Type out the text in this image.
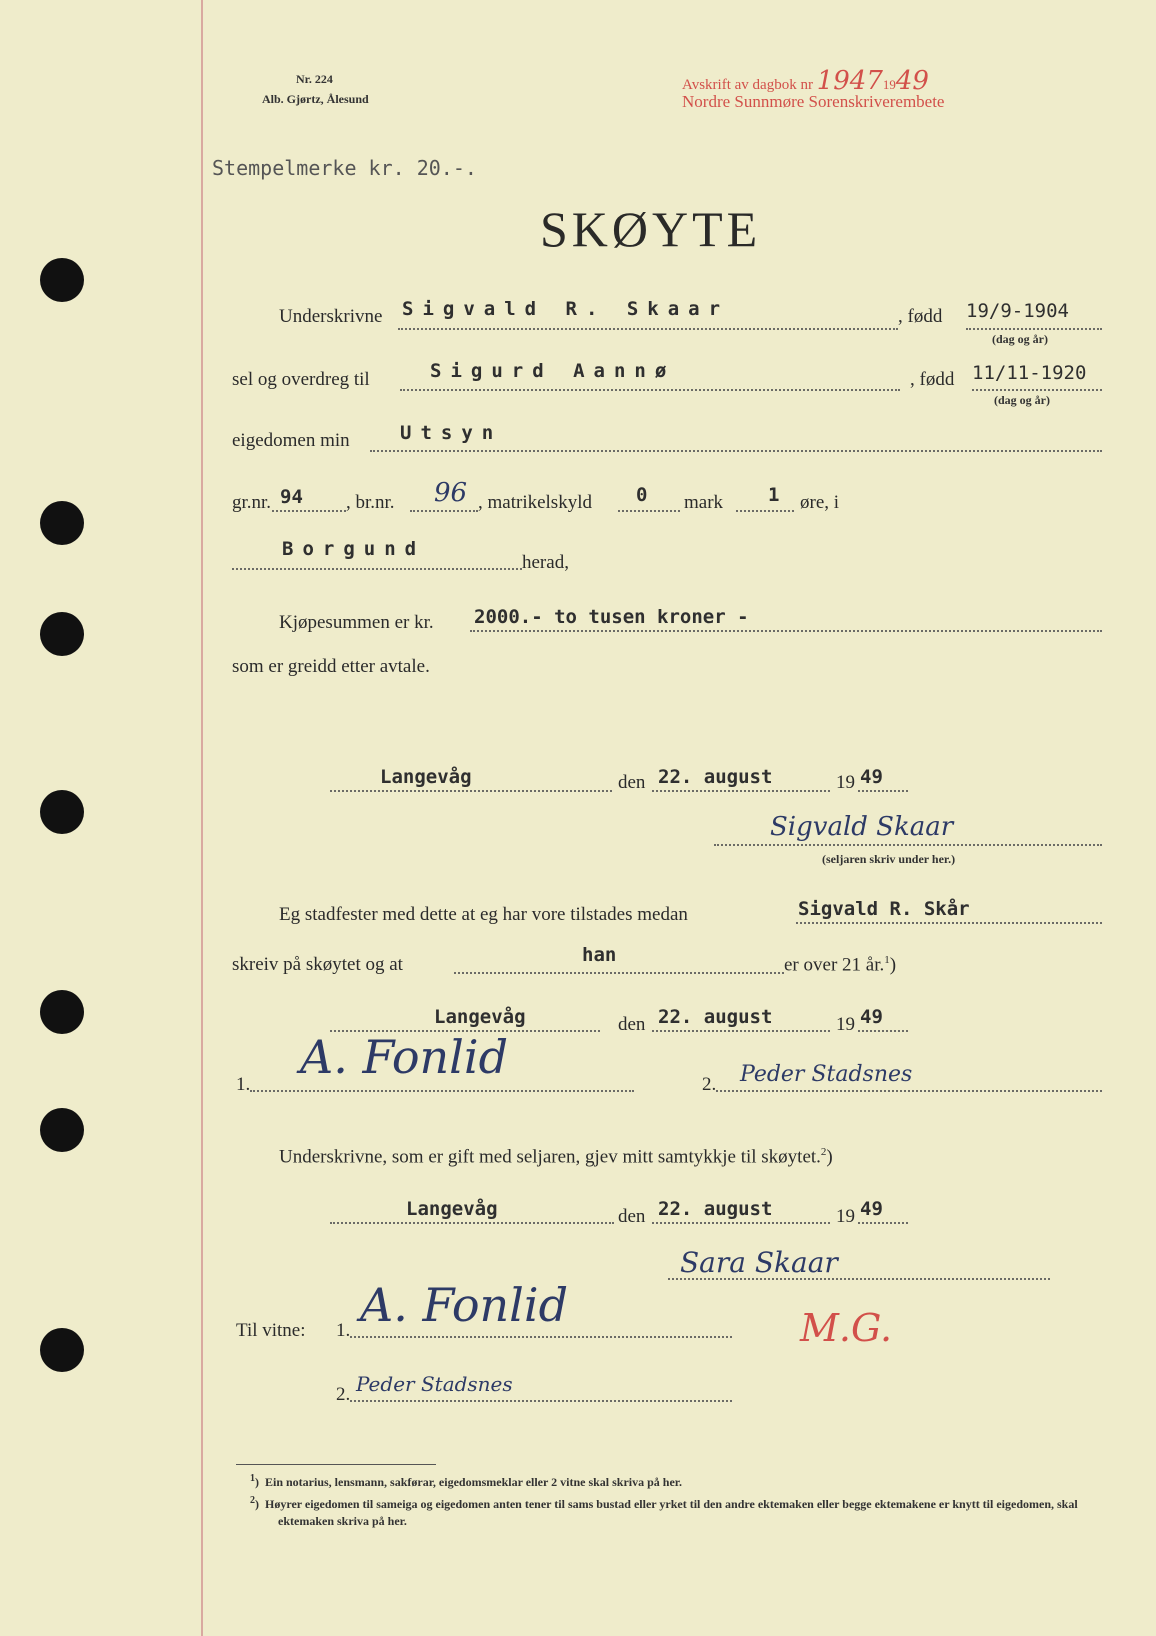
Nr. 224
Alb. Gjørtz, Ålesund
Avskrift av dagbok nr 19471949
Nordre Sunnmøre Sorenskriverembete
Stempelmerke kr. 20.-.
SKØYTE
Underskrivne Sigvald R. Skaar	, fødd 19/9-1904
(dag og år)
sel og overdreg til	Sigurd Aannø	, fødd 11/11-1920
(dag og år)
eigedomen min	Utsyn
gr.nr. 94 , br.nr. 96 , matrikelskyld 0 mark 1 øre, i
Borgund
herad,
Kjøpesummen er kr. 2000.- to tusen kroner -
som er greidd etter avtale.
Langevåg	den 22. august	19 49
Sigvald Skaar
(seljaren skriv under her.)
Eg stadfester med dette at eg har vore tilstades medan	Sigvald R. Skår
skreiv på skøytet og at	han	er over 21 år.$^1$)
Langevåg	den 22. august	19 49
1.
A. Fonlid
2. Peder Stadsnes
Underskrivne, som er gift med seljaren, gjev mitt samtykkje til skøytet.$^2$)
Langevåg	den 22. august	19 49
Sara Skaar
Til vitne: 1. A. Fonlid	M.G.
2. Peder Stadsnes
$^1$)  Ein notarius, lensmann, sakførar, eigedomsmeklar eller 2 vitne skal skriva på her.
$^2$)  Høyrer eigedomen til sameiga og eigedomen anten tener til sams bustad eller yrket til den andre ektemaken eller begge ektemakene er knytt til eigedomen, skal ektemaken skriva på her.
